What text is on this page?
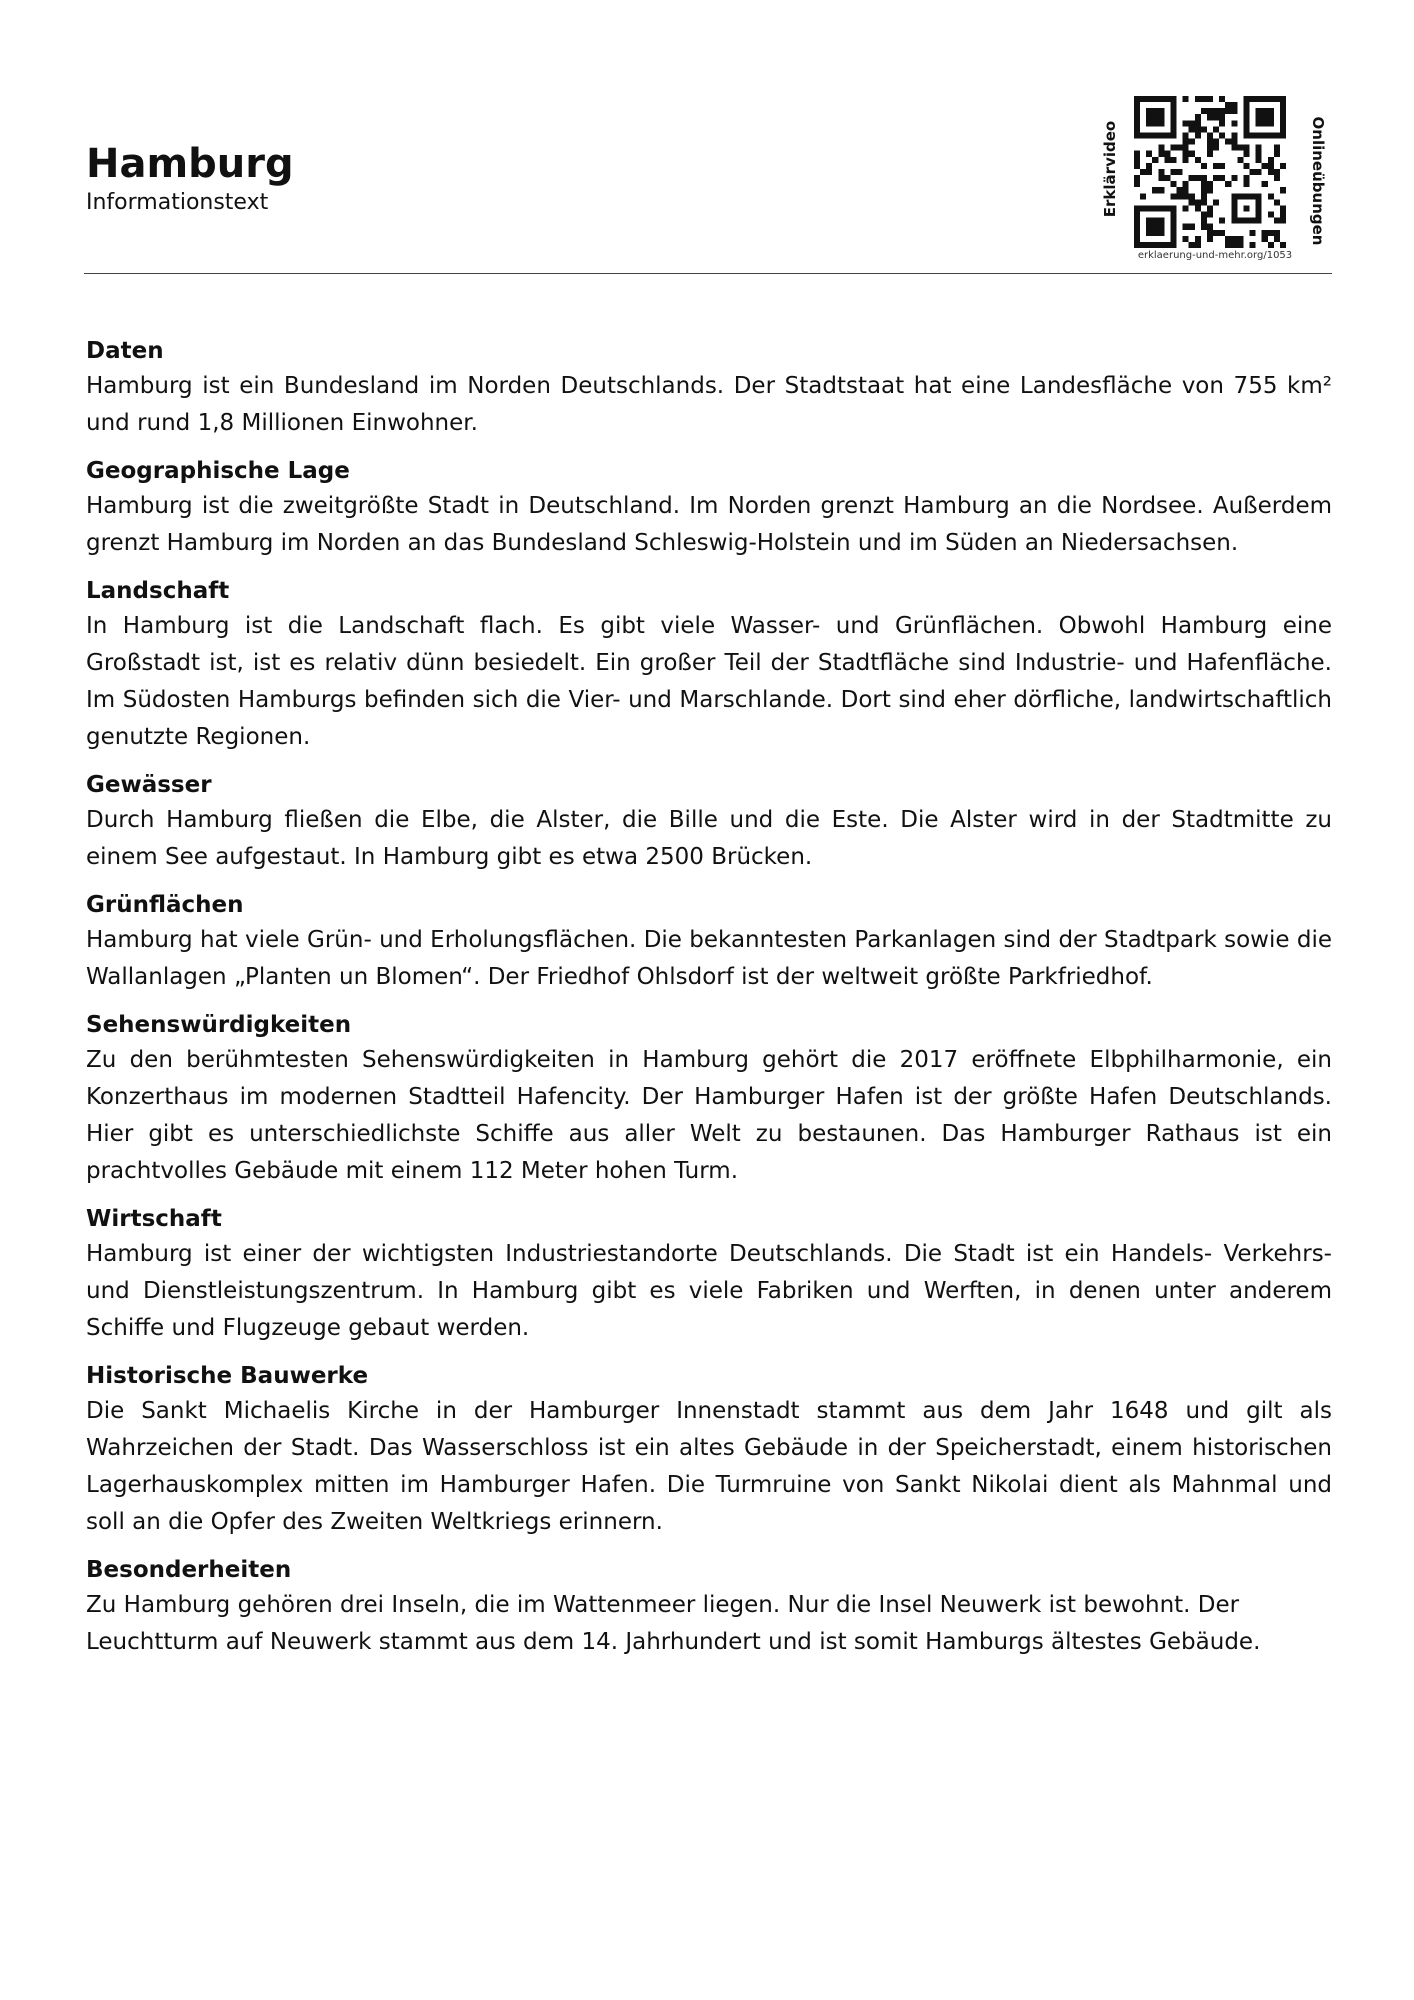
Hamburg
Informationstext	Erklärvideo
erklaerung-und-mehr.org/1053
Onlineübungen
Daten

Hamburg ist ein Bundesland im Norden Deutschlands. Der Stadtstaat hat eine Landesfläche von 755 km² und rund 1,8 Millionen Einwohner.

Geographische Lage

Hamburg ist die zweitgrößte Stadt in Deutschland. Im Norden grenzt Hamburg an die Nordsee. Außerdem grenzt Hamburg im Norden an das Bundesland Schleswig-Holstein und im Süden an Niedersachsen.

Landschaft

In Hamburg ist die Landschaft flach. Es gibt viele Wasser- und Grünflächen. Obwohl Hamburg eine Großstadt ist, ist es relativ dünn besiedelt. Ein großer Teil der Stadtfläche sind Industrie- und Hafenfläche. Im Südosten Hamburgs befinden sich die Vier- und Marschlande. Dort sind eher dörfliche, landwirtschaftlich genutzte Regionen.

Gewässer

Durch Hamburg fließen die Elbe, die Alster, die Bille und die Este. Die Alster wird in der Stadtmitte zu einem See aufgestaut. In Hamburg gibt es etwa 2500 Brücken.

Grünflächen

Hamburg hat viele Grün- und Erholungsflächen. Die bekanntesten Parkanlagen sind der Stadtpark sowie die Wallanlagen „Planten un Blomen“. Der Friedhof Ohlsdorf ist der weltweit größte Parkfriedhof.

Sehenswürdigkeiten

Zu den berühmtesten Sehenswürdigkeiten in Hamburg gehört die 2017 eröffnete Elbphilharmonie, ein Konzerthaus im modernen Stadtteil Hafencity. Der Hamburger Hafen ist der größte Hafen Deutschlands. Hier gibt es unterschiedlichste Schiffe aus aller Welt zu bestaunen. Das Hamburger Rathaus ist ein prachtvolles Gebäude mit einem 112 Meter hohen Turm.

Wirtschaft

Hamburg ist einer der wichtigsten Industriestandorte Deutschlands. Die Stadt ist ein Handels- Verkehrs- und Dienstleistungszentrum. In Hamburg gibt es viele Fabriken und Werften, in denen unter anderem Schiffe und Flugzeuge gebaut werden.

Historische Bauwerke

Die Sankt Michaelis Kirche in der Hamburger Innenstadt stammt aus dem Jahr 1648 und gilt als Wahrzeichen der Stadt. Das Wasserschloss ist ein altes Gebäude in der Speicherstadt, einem historischen Lagerhauskomplex mitten im Hamburger Hafen. Die Turmruine von Sankt Nikolai dient als Mahnmal und soll an die Opfer des Zweiten Weltkriegs erinnern.

Besonderheiten

Zu Hamburg gehören drei Inseln, die im Wattenmeer liegen. Nur die Insel Neuwerk ist bewohnt. Der Leuchtturm auf Neuwerk stammt aus dem 14. Jahrhundert und ist somit Hamburgs ältestes Gebäude.
